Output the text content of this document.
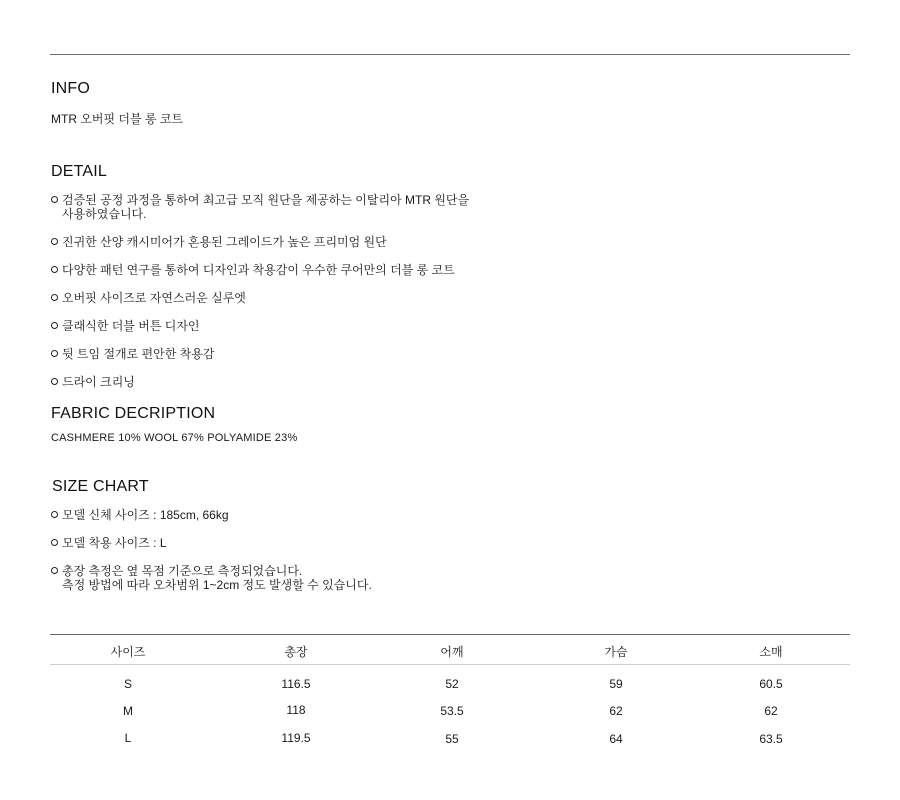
INFO

MTR 오버핏 더블 롱 코트

DETAIL
검증된 공정 과정을 통하여 최고급 모직 원단을 제공하는 이탈리아 MTR 원단을
사용하였습니다.
진귀한 산양 캐시미어가 혼용된 그레이드가 높은 프리미엄 원단
다양한 패턴 연구를 통하여 디자인과 착용감이 우수한 쿠어만의 더블 롱 코트
오버핏 사이즈로 자연스러운 실루엣
클래식한 더블 버튼 디자인
뒷 트임 절개로 편안한 착용감
드라이 크리닝
FABRIC DECRIPTION

CASHMERE 10% WOOL 67% POLYAMIDE 23%

SIZE CHART
모델 신체 사이즈 : 185cm, 66kg
모델 착용 사이즈 : L
총장 측정은 옆 목점 기준으로 측정되었습니다.
측정 방법에 따라 오차범위 1~2cm 정도 발생할 수 있습니다.
사이즈	총장	어깨	가슴	소매
S	116.5	52	59	60.5
M	118	53.5	62	62
L	119.5	55	64	63.5
